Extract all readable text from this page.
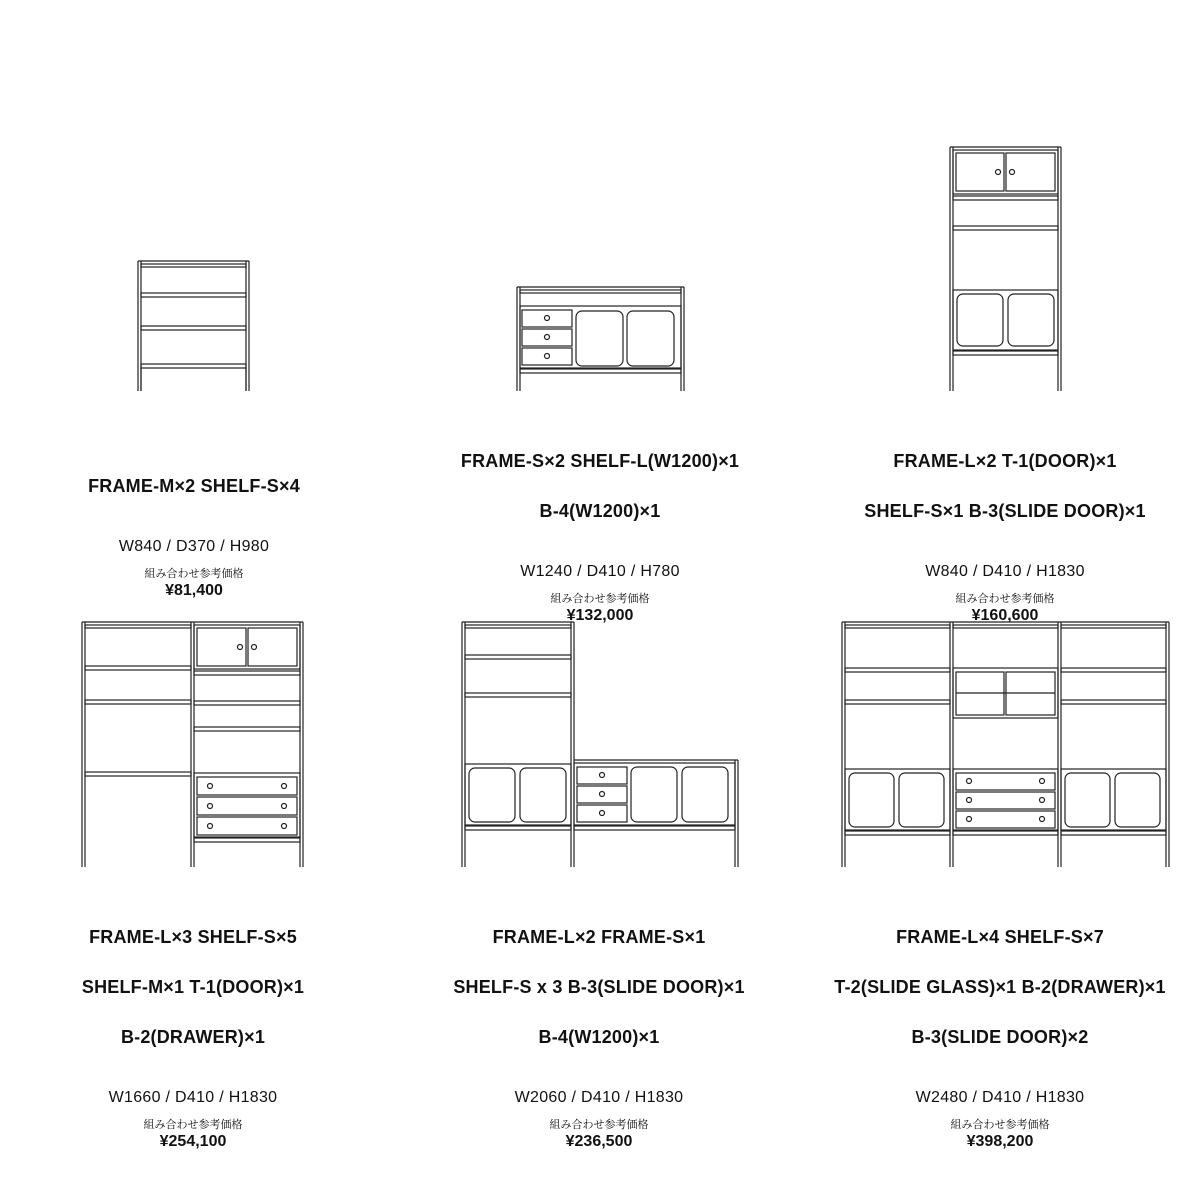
FRAME-M×2 SHELF-S×4

W840 / D370 / H980
組み合わせ参考価格
¥81,400

FRAME-S×2 SHELF-L(W1200)×1

B-4(W1200)×1

W1240 / D410 / H780
組み合わせ参考価格
¥132,000

FRAME-L×2 T-1(DOOR)×1

SHELF-S×1 B-3(SLIDE DOOR)×1

W840 / D410 / H1830
組み合わせ参考価格
¥160,600

FRAME-L×3 SHELF-S×5

SHELF-M×1 T-1(DOOR)×1

B-2(DRAWER)×1

W1660 / D410 / H1830
組み合わせ参考価格
¥254,100

FRAME-L×2 FRAME-S×1

SHELF-S x 3 B-3(SLIDE DOOR)×1

B-4(W1200)×1

W2060 / D410 / H1830
組み合わせ参考価格
¥236,500

FRAME-L×4 SHELF-S×7

T-2(SLIDE GLASS)×1 B-2(DRAWER)×1

B-3(SLIDE DOOR)×2

W2480 / D410 / H1830
組み合わせ参考価格
¥398,200
